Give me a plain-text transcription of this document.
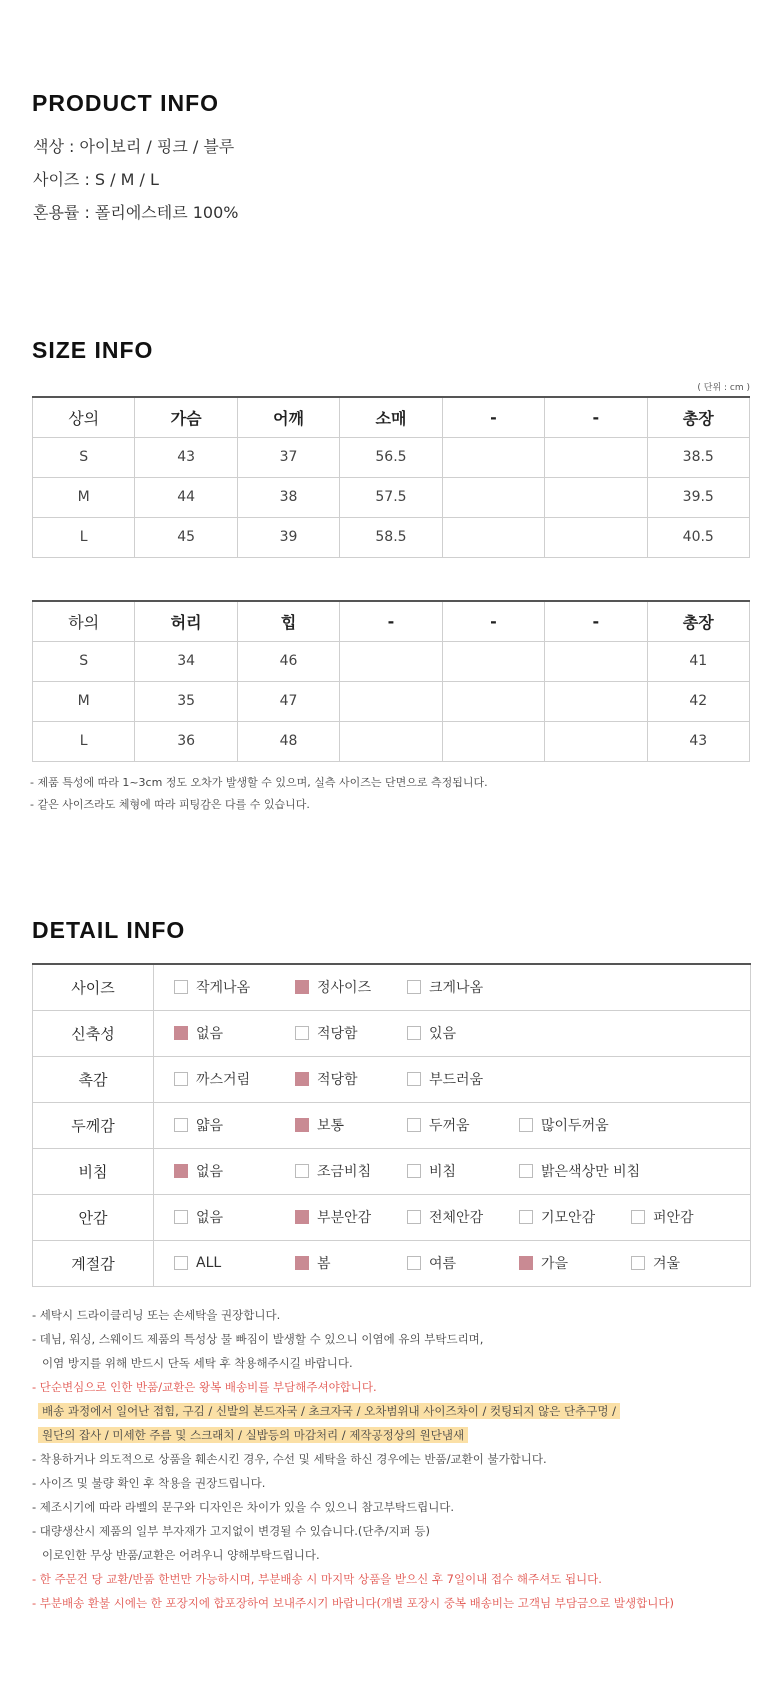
PRODUCT INFO
색상 : 아이보리 / 핑크 / 블루
사이즈 : S / M / L
혼용률 : 폴리에스테르 100%
SIZE INFO
( 단위 : cm )
상의	가슴	어깨	소매	-	-	총장
S	43	37	56.5			38.5
M	44	38	57.5			39.5
L	45	39	58.5			40.5
하의	허리	힙	-	-	-	총장
S	34	46				41
M	35	47				42
L	36	48				43
- 제품 특성에 따라 1~3cm 정도 오차가 발생할 수 있으며, 실측 사이즈는 단면으로 측정됩니다.
- 같은 사이즈라도 체형에 따라 피팅감은 다를 수 있습니다.
DETAIL INFO
사이즈	작게나옴 정사이즈 크게나옴

신축성	없음 적당함 있음

촉감	까스거림 적당함 부드러움

두께감	얇음 보통 두꺼움 많이두꺼움

비침	없음 조금비침 비침 밝은색상만 비침

안감	없음 부분안감 전체안감 기모안감 퍼안감

계절감	ALL 봄 여름 가을 겨울
- 세탁시 드라이클리닝 또는 손세탁을 권장합니다.
- 데님, 워싱, 스웨이드 제품의 특성상 물 빠짐이 발생할 수 있으니 이염에 유의 부탁드리며,
이염 방지를 위해 반드시 단독 세탁 후 착용해주시길 바랍니다.
- 단순변심으로 인한 반품/교환은 왕복 배송비를 부담해주셔야합니다.
배송 과정에서 일어난 접힘, 구김 / 신발의 본드자국 / 초크자국 / 오차범위내 사이즈차이 / 컷팅되지 않은 단추구멍 /
원단의 잡사 / 미세한 주름 및 스크래치 / 실밥등의 마감처리 / 제작공정상의 원단냄새
- 착용하거나 의도적으로 상품을 훼손시킨 경우, 수선 및 세탁을 하신 경우에는 반품/교환이 불가합니다.
- 사이즈 및 불량 확인 후 착용을 권장드립니다.
- 제조시기에 따라 라벨의 문구와 디자인은 차이가 있을 수 있으니 참고부탁드립니다.
- 대량생산시 제품의 일부 부자재가 고지없이 변경될 수 있습니다.(단추/지퍼 등)
이로인한 무상 반품/교환은 어려우니 양해부탁드립니다.
- 한 주문건 당 교환/반품 한번만 가능하시며, 부분배송 시 마지막 상품을 받으신 후 7일이내 접수 해주셔도 됩니다.
- 부분배송 환불 시에는 한 포장지에 합포장하여 보내주시기 바랍니다(개별 포장시 중복 배송비는 고객님 부담금으로 발생합니다)
